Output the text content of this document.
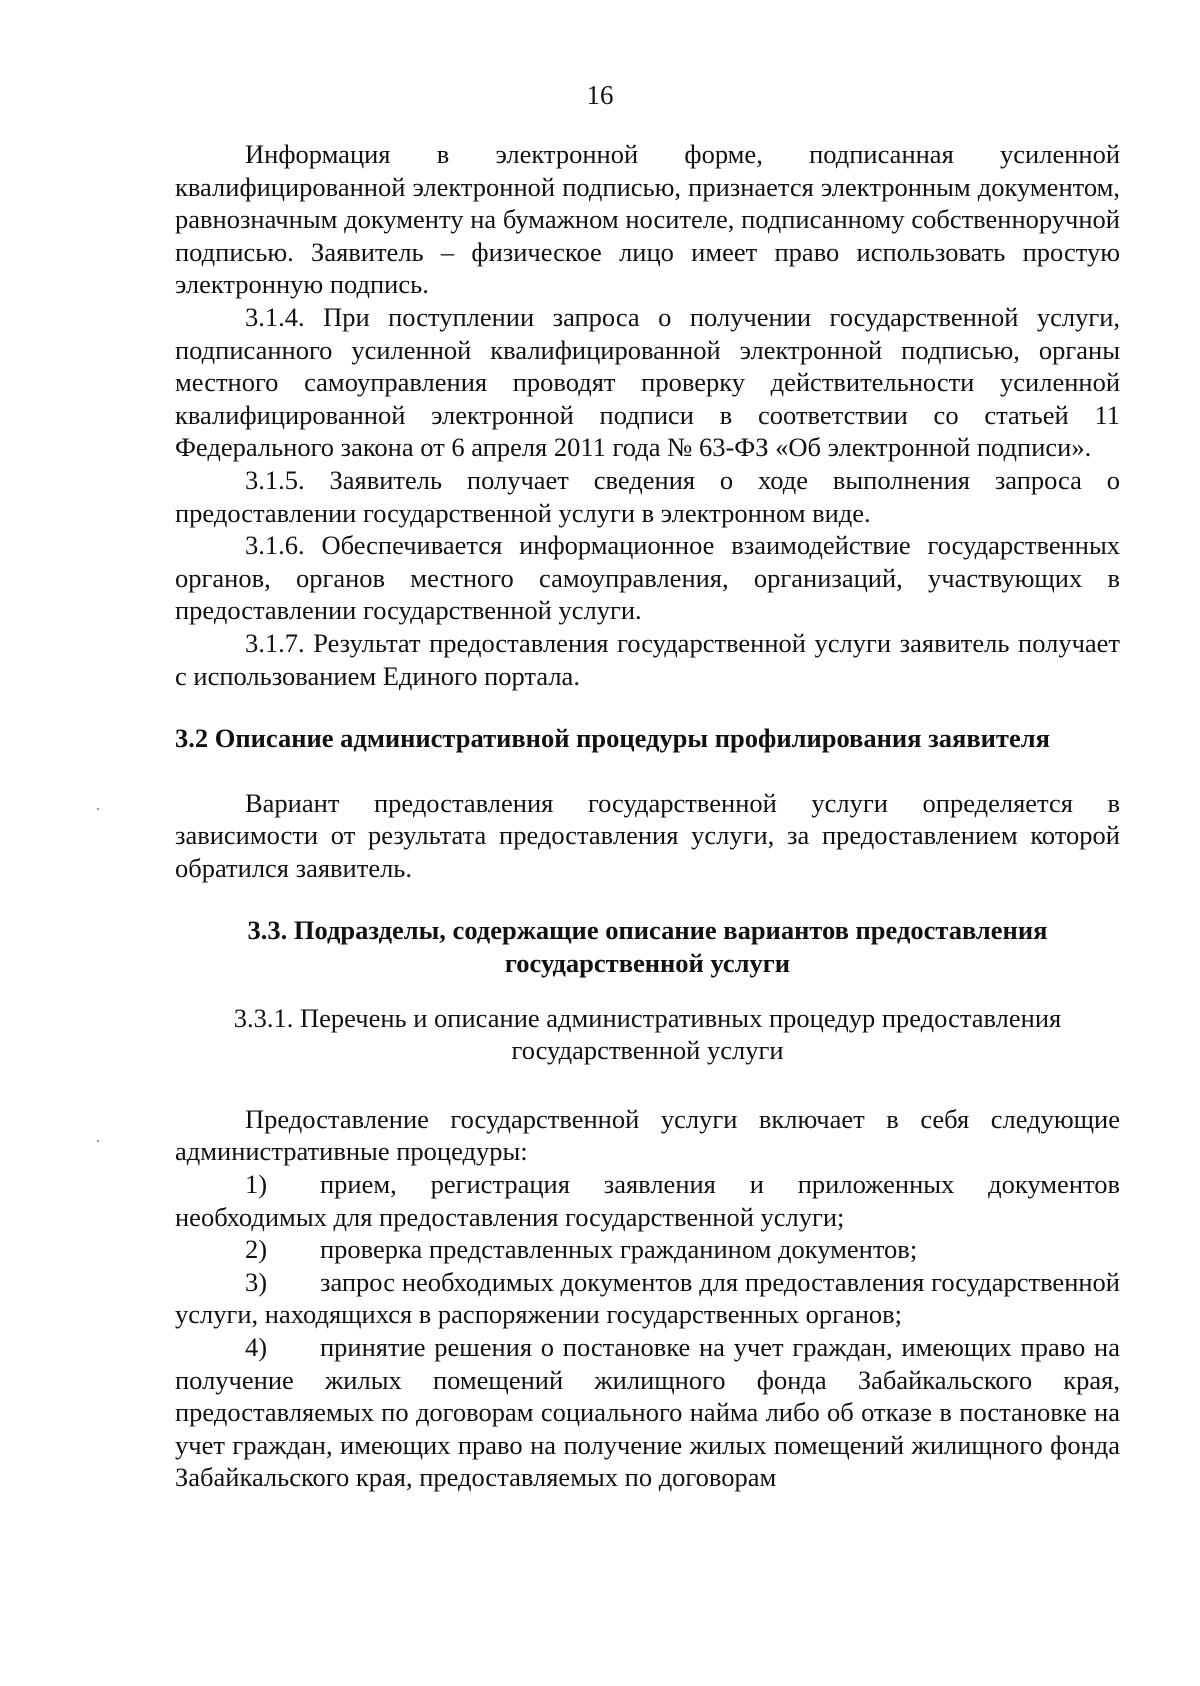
16

Информация в электронной форме, подписанная усиленной квалифицированной электронной подписью, признается электронным документом, равнозначным документу на бумажном носителе, подписанному собственноручной подписью. Заявитель – физическое лицо имеет право использовать простую электронную подпись.

3.1.4. При поступлении запроса о получении государственной услуги, подписанного усиленной квалифицированной электронной подписью, органы местного самоуправления проводят проверку действительности усиленной квалифицированной электронной подписи в соответствии со статьей 11 Федерального закона от 6 апреля 2011 года № 63-ФЗ «Об электронной подписи».

3.1.5. Заявитель получает сведения о ходе выполнения запроса о предоставлении государственной услуги в электронном виде.

3.1.6. Обеспечивается информационное взаимодействие государственных органов, органов местного самоуправления, организаций, участвующих в предоставлении государственной услуги.

3.1.7. Результат предоставления государственной услуги заявитель получает с использованием Единого портала.

3.2 Описание административной процедуры профилирования заявителя

Вариант предоставления государственной услуги определяется в зависимости от результата предоставления услуги, за предоставлением которой обратился заявитель.

3.3. Подразделы, содержащие описание вариантов предоставления
государственной услуги

3.3.1. Перечень и описание административных процедур предоставления
государственной услуги

Предоставление государственной услуги включает в себя следующие административные процедуры:

1) прием, регистрация заявления и приложенных документов необходимых для предоставления государственной услуги;

2) проверка представленных гражданином документов;

3) запрос необходимых документов для предоставления государственной услуги, находящихся в распоряжении государственных органов;

4) принятие решения о постановке на учет граждан, имеющих право на получение жилых помещений жилищного фонда Забайкальского края, предоставляемых по договорам социального найма либо об отказе в постановке на учет граждан, имеющих право на получение жилых помещений жилищного фонда Забайкальского края, предоставляемых по договорам
